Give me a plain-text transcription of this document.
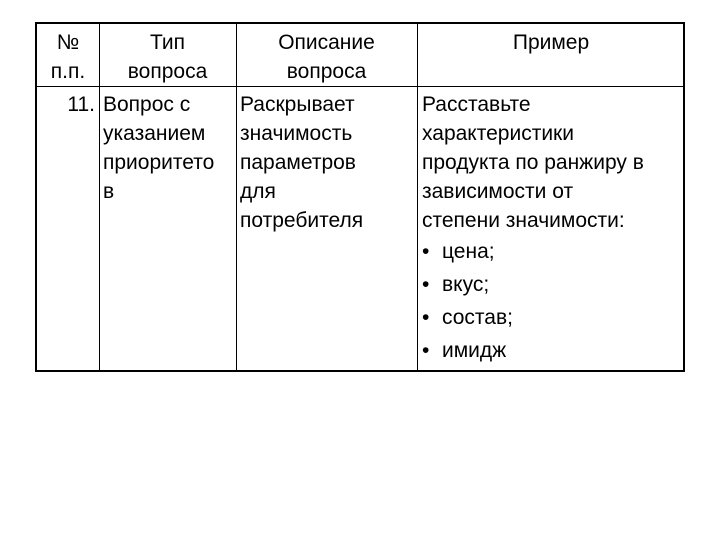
№
п.п.
Тип
вопроса
Описание
вопроса
Пример
11. Вопрос с
указанием
приоритето
в
Раскрывает
значимость
параметров
для
потребителя
Расставьте
характеристики
продукта по ранжиру в
зависимости от
степени значимости:
• цена;
• вкус;
• состав;
• имидж
